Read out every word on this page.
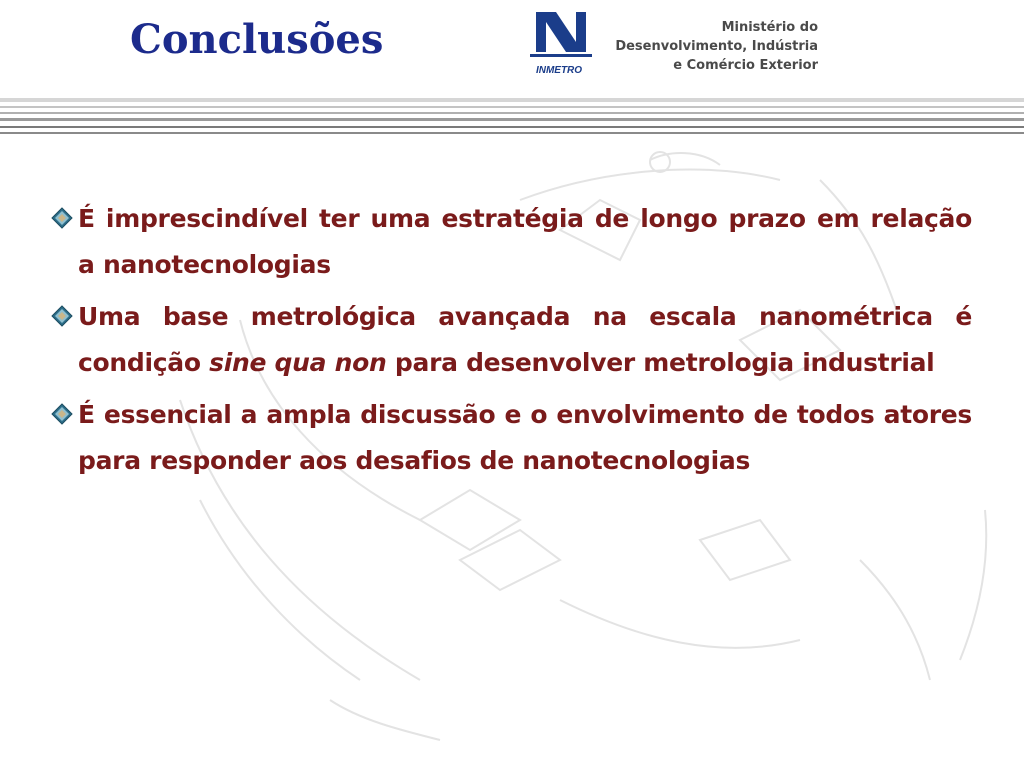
Conclusões
INMETRO
Ministério do
Desenvolvimento, Indústria
e Comércio Exterior
É imprescindível ter uma estratégia de longo prazo em relação a nanotecnologias
Uma base metrológica avançada na escala nanométrica é condição sine qua non para desenvolver metrologia industrial
É essencial a ampla discussão e o envolvimento de todos atores para responder aos desafios de nanotecnologias
